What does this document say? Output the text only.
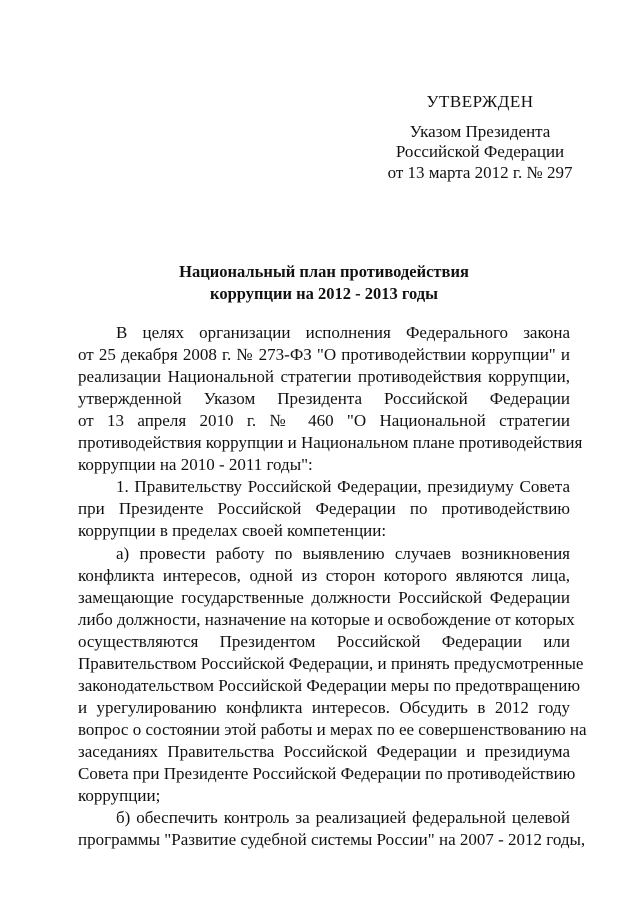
УТВЕРЖДЕН
Указом Президента
Российской Федерации
от 13 марта 2012 г. № 297
Национальный план противодействия
коррупции на 2012 - 2013 годы
В целях организации исполнения Федерального закона
от 25 декабря 2008 г. № 273-ФЗ "О противодействии коррупции" и
реализации Национальной стратегии противодействия коррупции,
утвержденной Указом Президента Российской Федерации
от 13 апреля 2010 г. № 460 "О Национальной стратегии
противодействия коррупции и Национальном плане противодействия
коррупции на 2010 - 2011 годы":
1. Правительству Российской Федерации, президиуму Совета
при Президенте Российской Федерации по противодействию
коррупции в пределах своей компетенции:
а) провести работу по выявлению случаев возникновения
конфликта интересов, одной из сторон которого являются лица,
замещающие государственные должности Российской Федерации
либо должности, назначение на которые и освобождение от которых
осуществляются Президентом Российской Федерации или
Правительством Российской Федерации, и принять предусмотренные
законодательством Российской Федерации меры по предотвращению
и урегулированию конфликта интересов. Обсудить в 2012 году
вопрос о состоянии этой работы и мерах по ее совершенствованию на
заседаниях Правительства Российской Федерации и президиума
Совета при Президенте Российской Федерации по противодействию
коррупции;
б) обеспечить контроль за реализацией федеральной целевой
программы "Развитие судебной системы России" на 2007 - 2012 годы,
